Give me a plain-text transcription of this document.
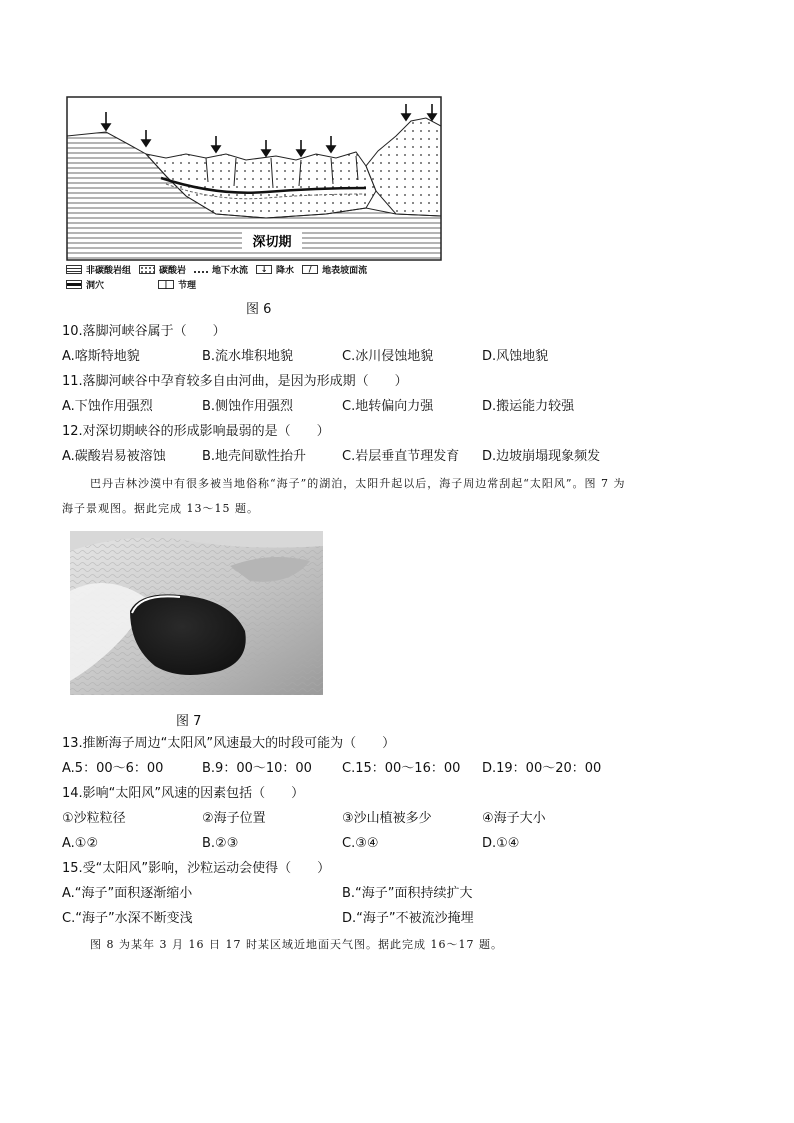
深切期
非碳酸岩组	碳酸岩	地下水流	↓ 降水	/	地表坡面流
洞穴	|	节理
图 6
10.落脚河峡谷属于（　　）
A.喀斯特地貌	B.流水堆积地貌	C.冰川侵蚀地貌	D.风蚀地貌
11.落脚河峡谷中孕育较多自由河曲，是因为形成期（　　）
A.下蚀作用强烈	B.侧蚀作用强烈	C.地转偏向力强	D.搬运能力较强
12.对深切期峡谷的形成影响最弱的是（　　）
A.碳酸岩易被溶蚀	B.地壳间歇性抬升	C.岩层垂直节理发育 D.边坡崩塌现象频发
巴丹吉林沙漠中有很多被当地俗称“海子”的湖泊，太阳升起以后，海子周边常刮起“太阳风”。图 7 为
海子景观图。据此完成 13～15 题。
图 7
13.推断海子周边“太阳风”风速最大的时段可能为（　　）
A.5：00～6：00	B.9：00～10：00 C.15：00～16：00 D.19：00～20：00
14.影响“太阳风”风速的因素包括（　　）
①沙粒粒径	②海子位置	③沙山植被多少	④海子大小
A.①②	B.②③	C.③④	D.①④
15.受“太阳风”影响，沙粒运动会使得（　　）
A.“海子”面积逐渐缩小	B.“海子”面积持续扩大
C.“海子”水深不断变浅	D.“海子”不被流沙掩埋
图 8 为某年 3 月 16 日 17 时某区域近地面天气图。据此完成 16～17 题。
